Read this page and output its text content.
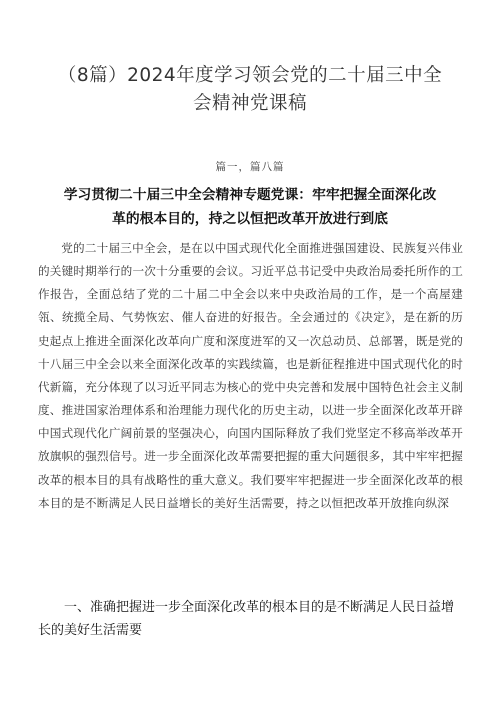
（8篇）2024年度学习领会党的二十届三中全会精神党课稿
篇一，篇八篇
学习贯彻二十届三中全会精神专题党课：牢牢把握全面深化改革的根本目的，持之以恒把改革开放进行到底

党的二十届三中全会，是在以中国式现代化全面推进强国建设、民族复兴伟业的关键时期举行的一次十分重要的会议。习近平总书记受中央政治局委托所作的工作报告，全面总结了党的二十届二中全会以来中央政治局的工作，是一个高屋建瓴、统揽全局、气势恢宏、催人奋进的好报告。全会通过的《决定》，是在新的历史起点上推进全面深化改革向广度和深度进军的又一次总动员、总部署，既是党的十八届三中全会以来全面深化改革的实践续篇，也是新征程推进中国式现代化的时代新篇，充分体现了以习近平同志为核心的党中央完善和发展中国特色社会主义制度、推进国家治理体系和治理能力现代化的历史主动，以进一步全面深化改革开辟中国式现代化广阔前景的坚强决心，向国内国际释放了我们党坚定不移高举改革开放旗帜的强烈信号。进一步全面深化改革需要把握的重大问题很多，其中牢牢把握改革的根本目的具有战略性的重大意义。我们要牢牢把握进一步全面深化改革的根本目的是不断满足人民日益增长的美好生活需要，持之以恒把改革开放推向纵深

一、准确把握进一步全面深化改革的根本目的是不断满足人民日益增长的美好生活需要
